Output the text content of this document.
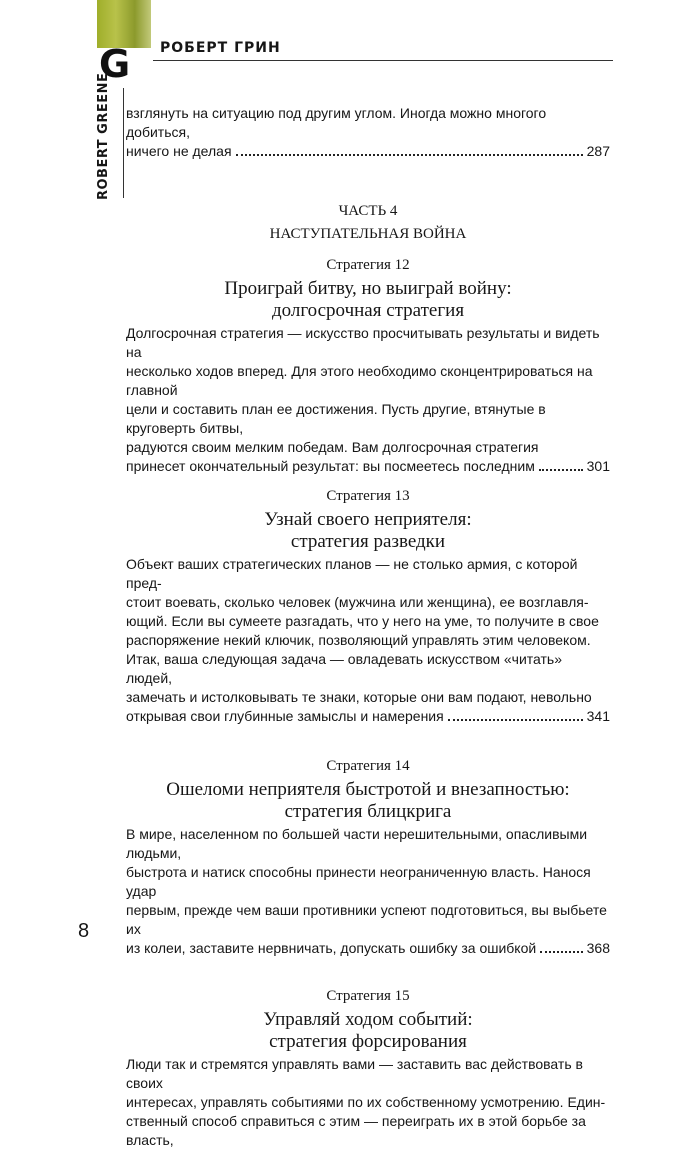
G РОБЕРТ ГРИН
ROBERT GREENE взглянуть на ситуацию под другим углом. Иногда можно многого добиться,

ничего не делая	287

ЧАСТЬ 4

НАСТУПАТЕЛЬНАЯ ВОЙНА

Стратегия 12

Проиграй битву, но выиграй войну:

долгосрочная стратегия

Долгосрочная стратегия — искусство просчитывать результаты и видеть на

несколько ходов вперед. Для этого необходимо сконцентрироваться на главной

цели и составить план ее достижения. Пусть другие, втянутые в круговерть битвы,

радуются своим мелким победам. Вам долгосрочная стратегия

принесет окончательный результат: вы посмеетесь последним	301

Стратегия 13

Узнай своего неприятеля:

стратегия разведки

Объект ваших стратегических планов — не столько армия, с которой пред-

стоит воевать, сколько человек (мужчина или женщина), ее возглавля-

ющий. Если вы сумеете разгадать, что у него на уме, то получите в свое

распоряжение некий ключик, позволяющий управлять этим человеком.

Итак, ваша следующая задача — овладевать искусством «читать» людей,

замечать и истолковывать те знаки, которые они вам подают, невольно

открывая свои глубинные замыслы и намерения	341

Стратегия 14

Ошеломи неприятеля быстротой и внезапностью:

стратегия блицкрига

В мире, населенном по большей части нерешительными, опасливыми людьми,

быстрота и натиск способны принести неограниченную власть. Нанося удар

первым, прежде чем ваши противники успеют подготовиться, вы выбьете их

из колеи, заставите нервничать, допускать ошибку за ошибкой	368

Стратегия 15

Управляй ходом событий:

стратегия форсирования

Люди так и стремятся управлять вами — заставить вас действовать в своих

интересах, управлять событиями по их собственному усмотрению. Един-

ственный способ справиться с этим — переиграть их в этой борьбе за власть,

8
